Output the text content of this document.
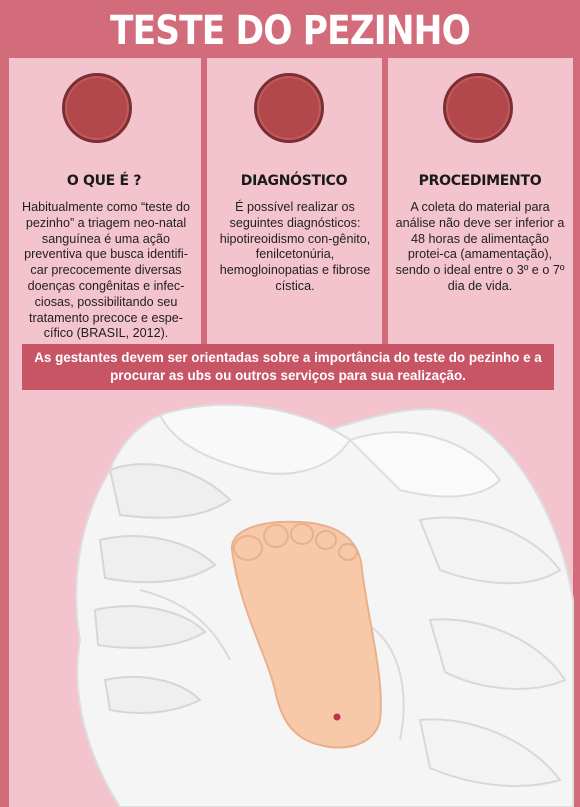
TESTE DO PEZINHO
O QUE É ?
Habitualmente como “teste do pezinho” a triagem neo-natal sanguínea é uma ação preventiva que busca identifi-car precocemente diversas doenças congênitas e infec-ciosas, possibilitando seu tratamento precoce e espe-cífico (BRASIL, 2012).
DIAGNÓSTICO
É possível realizar os seguintes diagnósticos: hipotireoidismo con-gênito, fenilcetonúria, hemogloinopatias e fibrose cística.
PROCEDIMENTO
A coleta do material para análise não deve ser inferior a 48 horas de alimentação protei-ca (amamentação), sendo o ideal entre o 3º e o 7º dia de vida.
As gestantes devem ser orientadas sobre a importância do teste do pezinho e a procurar as ubs ou outros serviços para sua realização.
